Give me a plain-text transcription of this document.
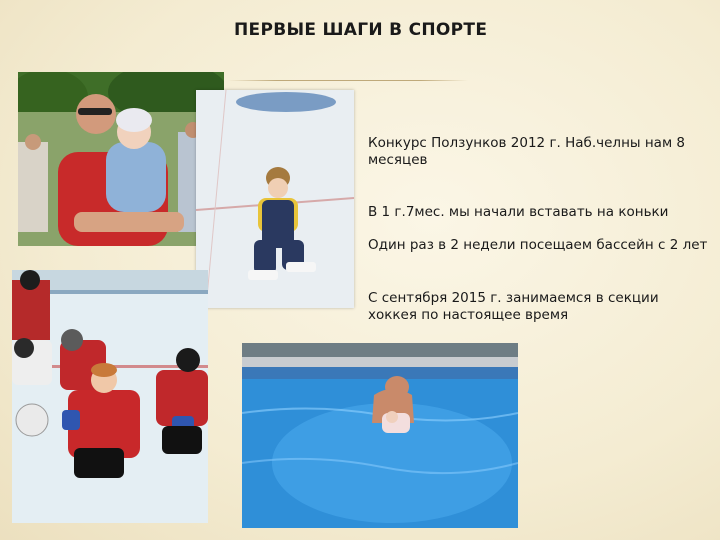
ПЕРВЫЕ ШАГИ В СПОРТЕ
Конкурс Ползунков 2012 г. Наб.челны нам 8 месяцев
В 1 г.7мес. мы начали вставать на коньки
Один раз в 2 недели посещаем бассейн с 2 лет
С сентября 2015 г. занимаемся в секции хоккея по настоящее время
